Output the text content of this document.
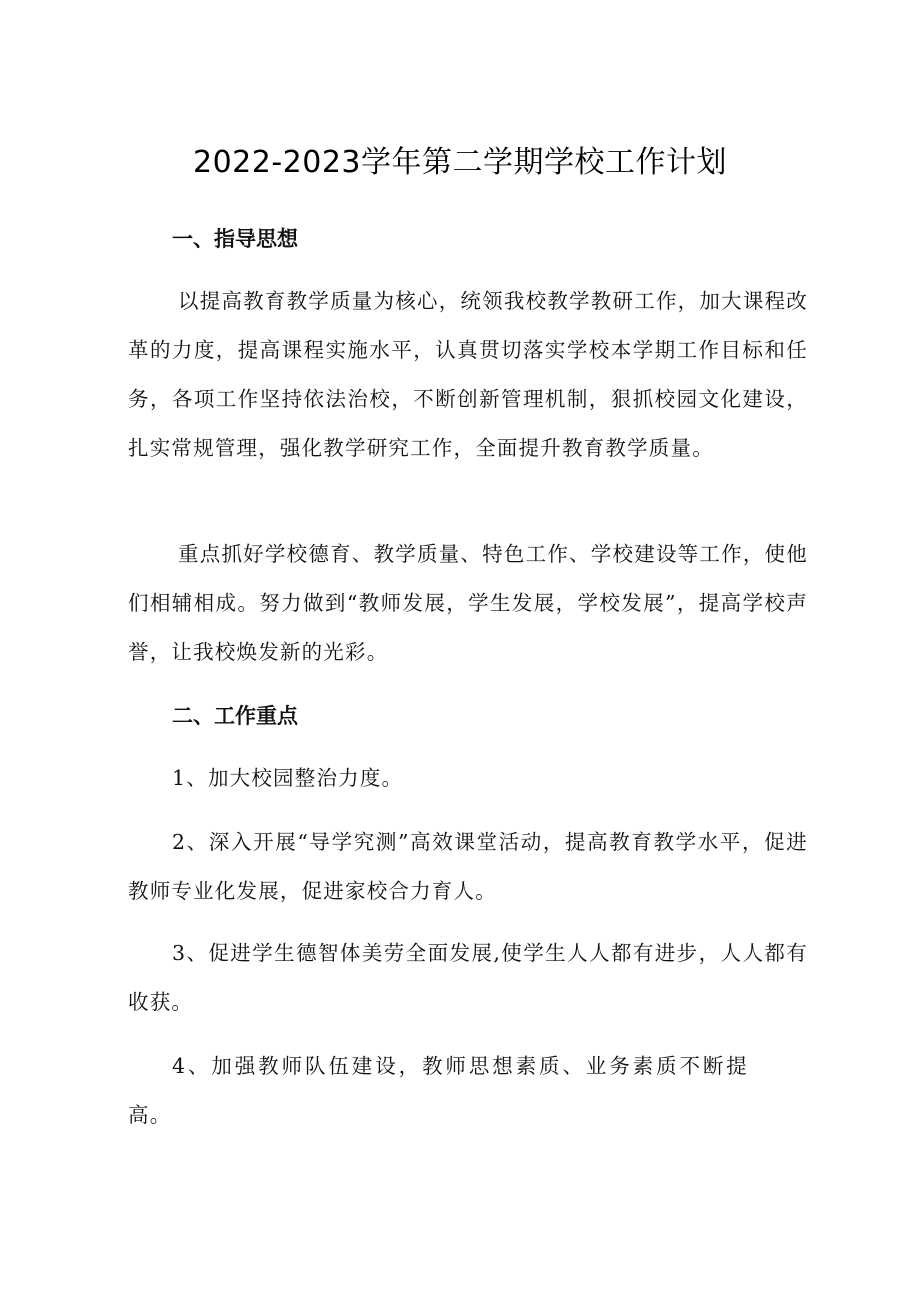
2022-2023学年第二学期学校工作计划
一、指导思想
以提高教育教学质量为核心，统领我校教学教研工作，加大课程改革的力度，提高课程实施水平，认真贯切落实学校本学期工作目标和任务，各项工作坚持依法治校，不断创新管理机制，狠抓校园文化建设，扎实常规管理，强化教学研究工作，全面提升教育教学质量。
重点抓好学校德育、教学质量、特色工作、学校建设等工作，使他们相辅相成。努力做到“教师发展，学生发展，学校发展”，提高学校声誉，让我校焕发新的光彩。
二、工作重点
1、加大校园整治力度。
2、深入开展“导学究测”高效课堂活动，提高教育教学水平，促进教师专业化发展，促进家校合力育人。
3、促进学生德智体美劳全面发展,使学生人人都有进步，人人都有收获。
4、加强教师队伍建设，教师思想素质、业务素质不断提高。
